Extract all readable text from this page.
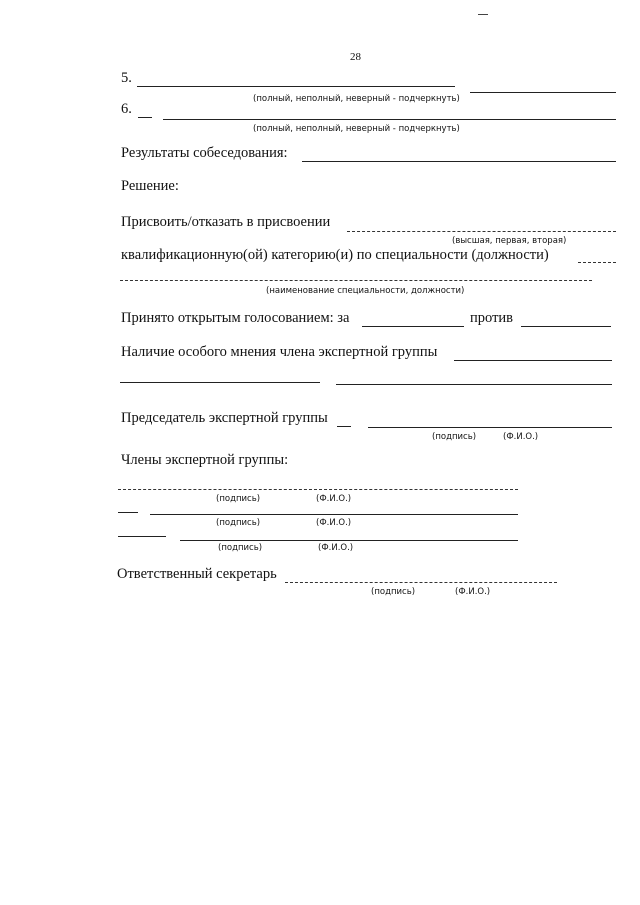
28
5.
(полный, неполный, неверный - подчеркнуть)
6.
(полный, неполный, неверный - подчеркнуть)
Результаты собеседования:
Решение:
Присвоить/отказать в присвоении
(высшая, первая, вторая)
квалификационную(ой) категорию(и) по специальности (должности)
(наименование специальности, должности)
Принято открытым голосованием: за	против
Наличие особого мнения члена экспертной группы
Председатель экспертной группы
(подпись)	(Ф.И.О.)
Члены экспертной группы:
(подпись)	(Ф.И.О.)
(подпись)	(Ф.И.О.)
(подпись)	(Ф.И.О.)
Ответственный секретарь
(подпись)	(Ф.И.О.)
